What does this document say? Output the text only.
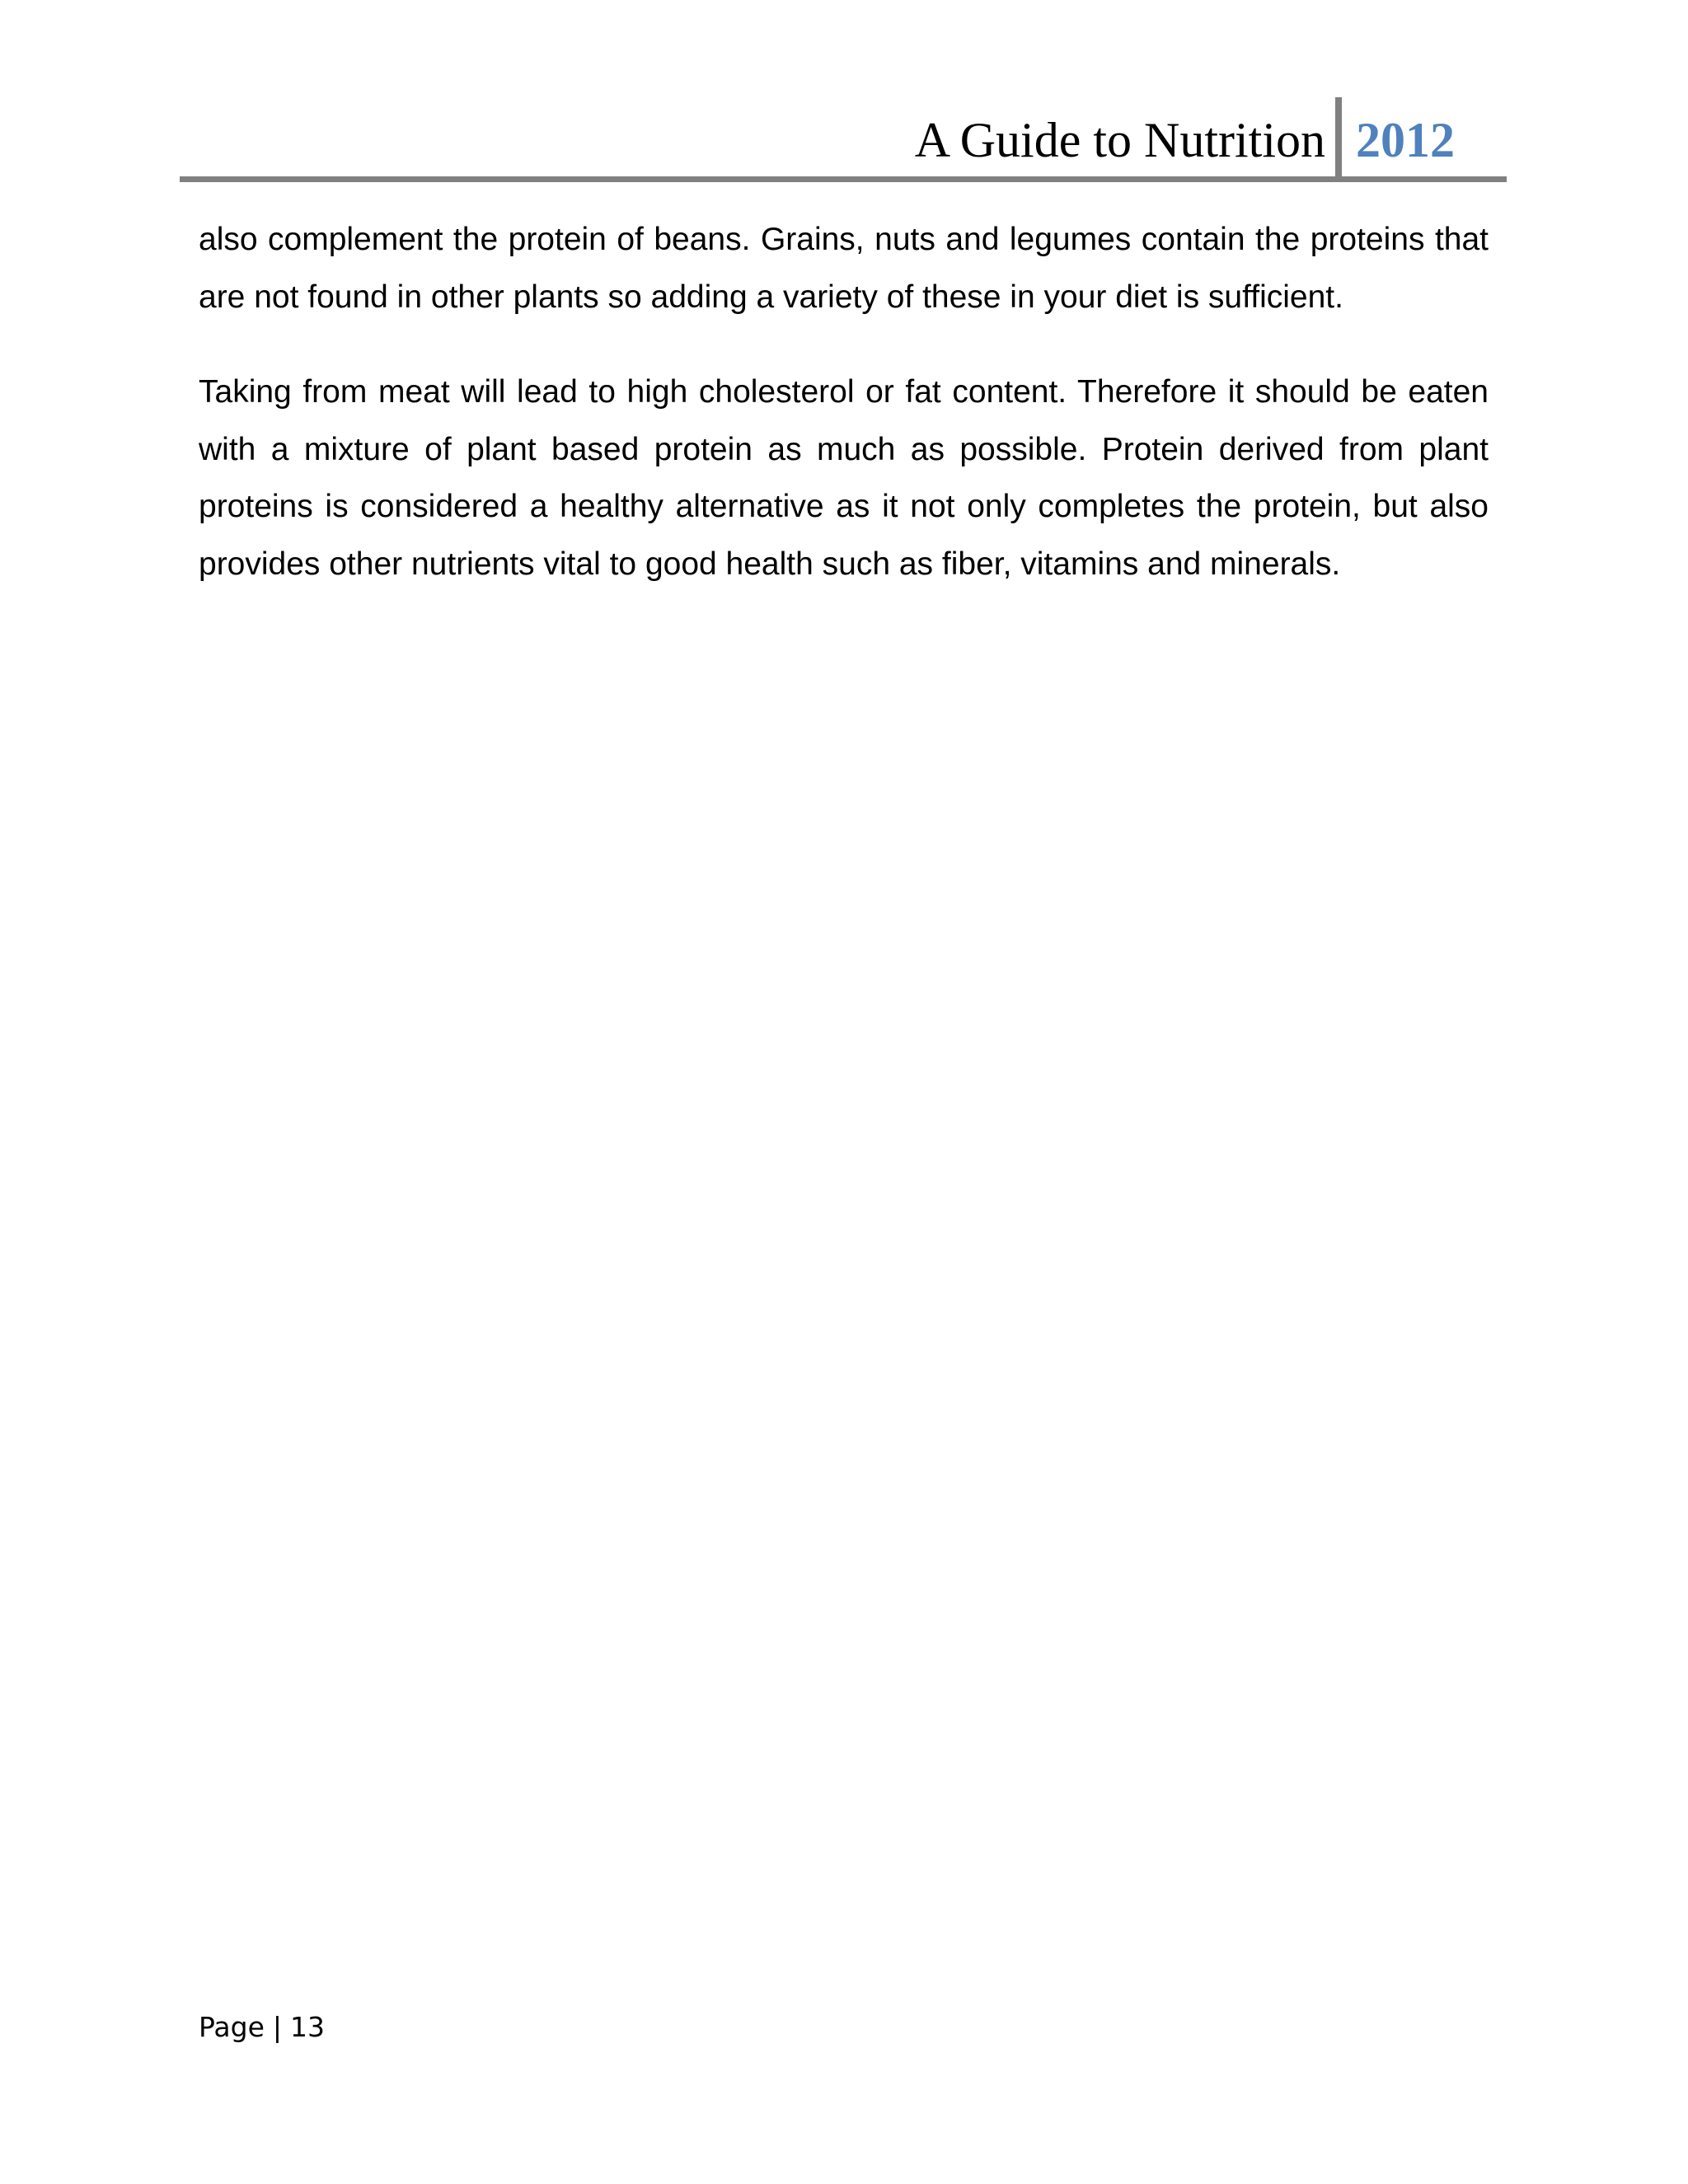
A Guide to Nutrition 2012

also complement the protein of beans. Grains, nuts and legumes contain the proteins that are not found in other plants so adding a variety of these in your diet is sufficient.

Taking from meat will lead to high cholesterol or fat content. Therefore it should be eaten with a mixture of plant based protein as much as possible. Protein derived from plant proteins is considered a healthy alternative as it not only completes the protein, but also provides other nutrients vital to good health such as fiber, vitamins and minerals.

Page | 13
